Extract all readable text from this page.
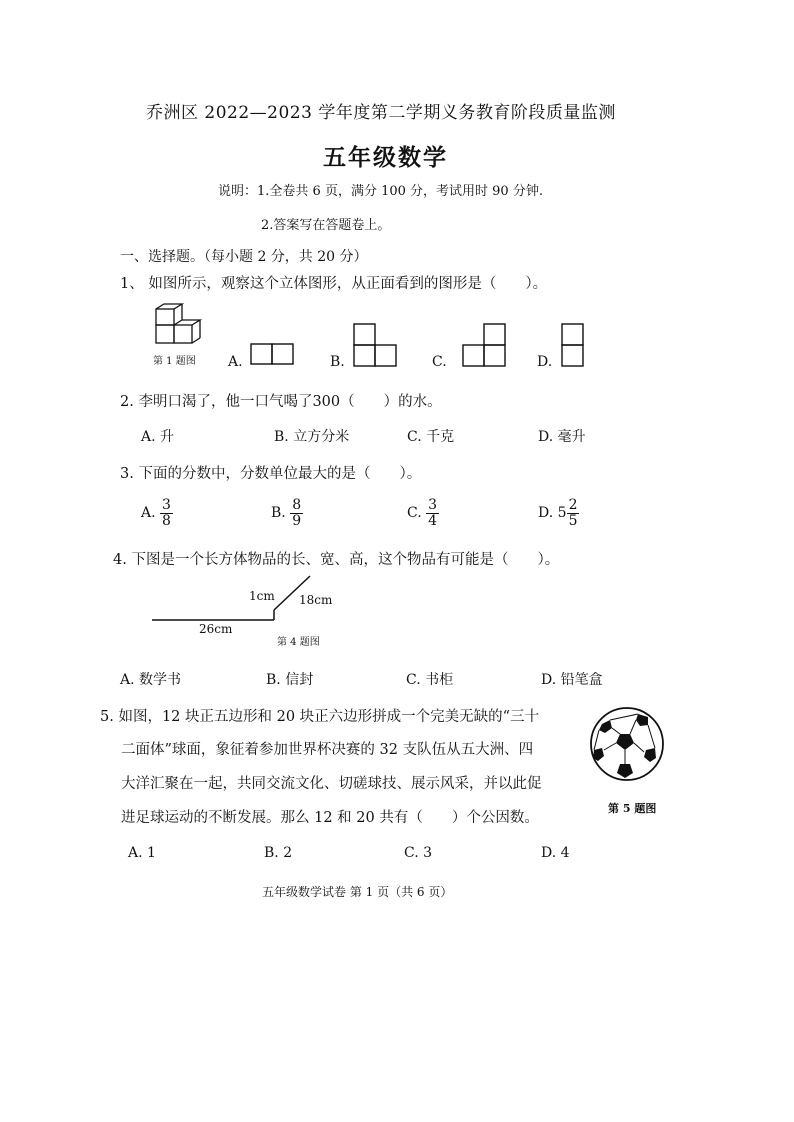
乔洲区 2022—2023 学年度第二学期义务教育阶段质量监测
五年级数学
说明：1.全卷共 6 页，满分 100 分，考试用时 90 分钟.
2.答案写在答题卷上。
一、选择题。（每小题 2 分，共 20 分）
1、 如图所示，观察这个立体图形，从正面看到的图形是（　　）。
第 1 题图 A.	B.	C.	D.
2. 李明口渴了，他一口气喝了300（　　）的水。
A. 升	B. 立方分米	C. 千克	D. 毫升
3. 下面的分数中，分数单位最大的是（　　）。
A. $\frac{3}{8}$	B. $\frac{8}{9}$	C. $\frac{3}{4}$	D. $5 \frac{2}{5}$
4. 下图是一个长方体物品的长、宽、高，这个物品有可能是（　　）。
1cm 18cm
26cm
第 4 题图
A. 数学书	B. 信封	C. 书柜	D. 铅笔盒
5. 如图，12 块正五边形和 20 块正六边形拼成一个完美无缺的“三十
二面体”球面，象征着参加世界杯决赛的 32 支队伍从五大洲、四
大洋汇聚在一起，共同交流文化、切磋球技、展示风采，并以此促
进足球运动的不断发展。那么 12 和 20 共有（　　）个公因数。
第 5 题图
A. 1	B. 2	C. 3	D. 4
五年级数学试卷 第 1 页（共 6 页）
